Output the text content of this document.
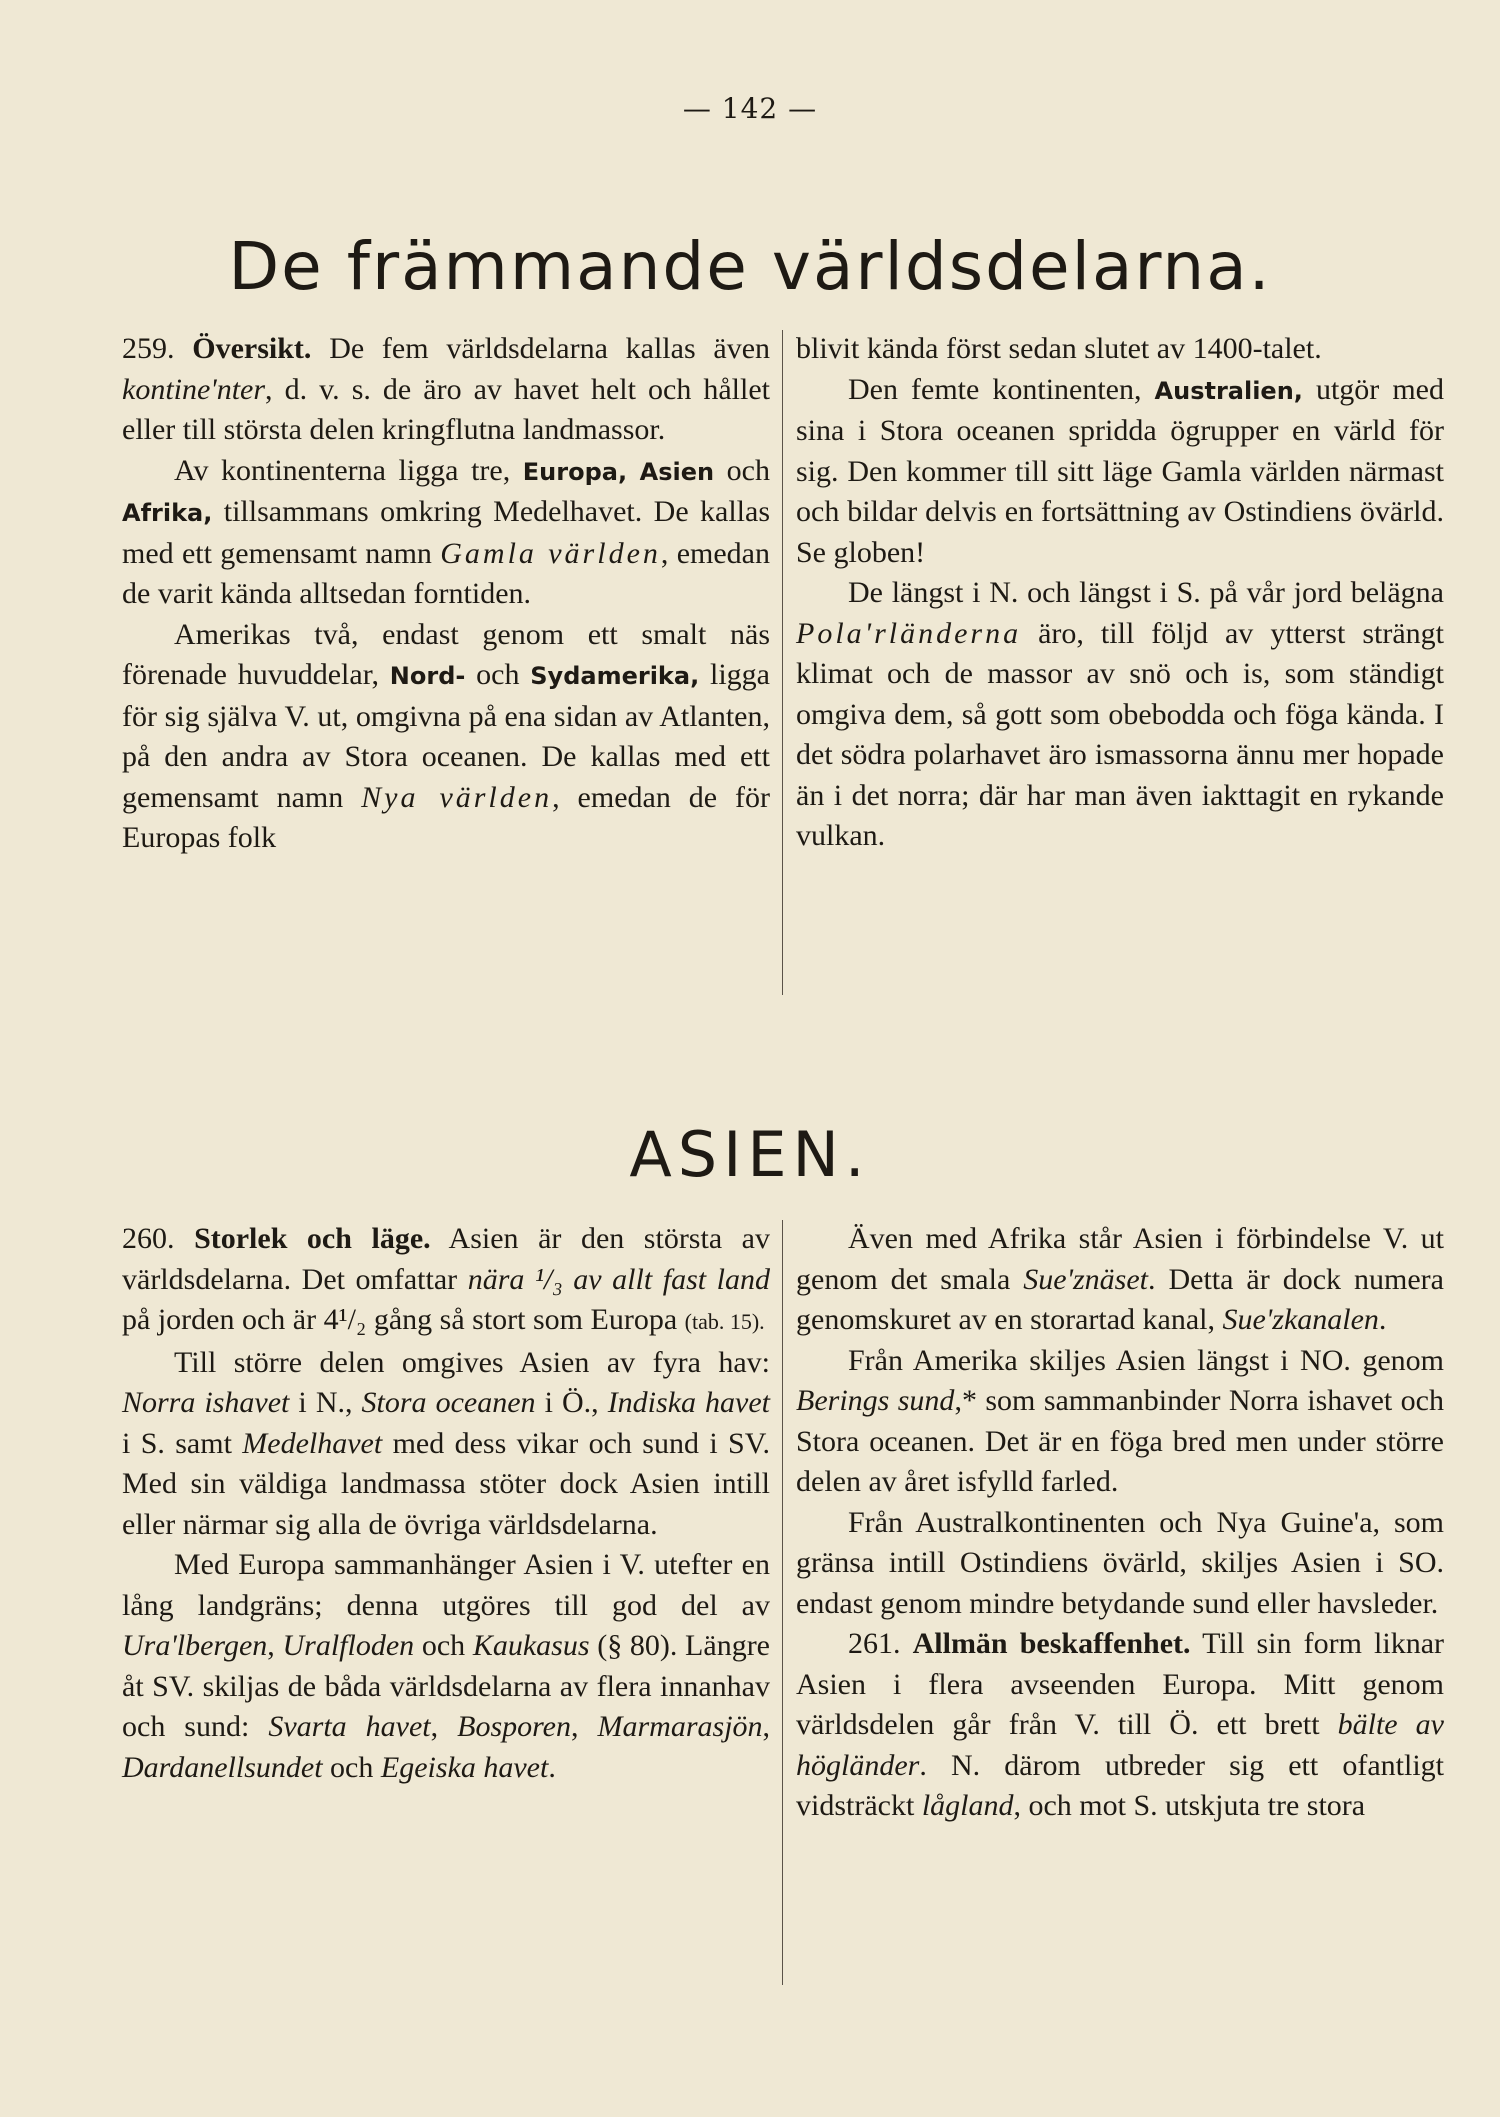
— 142 —
De främmande världsdelarna.

259. Översikt. De fem världsdelarna kallas även kontine'nter, d. v. s. de äro av havet helt och hållet eller till största delen kringflutna landmassor.

Av kontinenterna ligga tre, Europa, Asien och Afrika, tillsammans omkring Medelhavet. De kallas med ett gemensamt namn Gamla världen, emedan de varit kända alltsedan forntiden.

Amerikas två, endast genom ett smalt näs förenade huvuddelar, Nord- och Sydamerika, ligga för sig själva V. ut, omgivna på ena sidan av Atlanten, på den andra av Stora oceanen. De kallas med ett gemensamt namn Nya världen, emedan de för Europas folk

blivit kända först sedan slutet av 1400-talet.

Den femte kontinenten, Australien, utgör med sina i Stora oceanen spridda ögrupper en värld för sig. Den kommer till sitt läge Gamla världen närmast och bildar delvis en fortsättning av Ostindiens övärld. Se globen!

De längst i N. och längst i S. på vår jord belägna Pola'rländerna äro, till följd av ytterst strängt klimat och de massor av snö och is, som ständigt omgiva dem, så gott som obebodda och föga kända. I det södra polarhavet äro ismassorna ännu mer hopade än i det norra; där har man även iakttagit en rykande vulkan.

ASIEN.

260. Storlek och läge. Asien är den största av världsdelarna. Det omfattar nära ¹/₃ av allt fast land på jorden och är 4¹/₂ gång så stort som Europa (tab. 15).

Till större delen omgives Asien av fyra hav: Norra ishavet i N., Stora oceanen i Ö., Indiska havet i S. samt Medelhavet med dess vikar och sund i SV. Med sin väldiga landmassa stöter dock Asien intill eller närmar sig alla de övriga världsdelarna.

Med Europa sammanhänger Asien i V. utefter en lång landgräns; denna utgöres till god del av Ura'lbergen, Uralfloden och Kaukasus (§ 80). Längre åt SV. skiljas de båda världsdelarna av flera innanhav och sund: Svarta havet, Bosporen, Marmarasjön, Dardanellsundet och Egeiska havet.

Även med Afrika står Asien i förbindelse V. ut genom det smala Sue'znäset. Detta är dock numera genomskuret av en storartad kanal, Sue'zkanalen.

Från Amerika skiljes Asien längst i NO. genom Berings sund,* som sammanbinder Norra ishavet och Stora oceanen. Det är en föga bred men under större delen av året isfylld farled.

Från Australkontinenten och Nya Guine'a, som gränsa intill Ostindiens övärld, skiljes Asien i SO. endast genom mindre betydande sund eller havsleder.

261. Allmän beskaffenhet. Till sin form liknar Asien i flera avseenden Europa. Mitt genom världsdelen går från V. till Ö. ett brett bälte av högländer. N. därom utbreder sig ett ofantligt vidsträckt lågland, och mot S. utskjuta tre stora
